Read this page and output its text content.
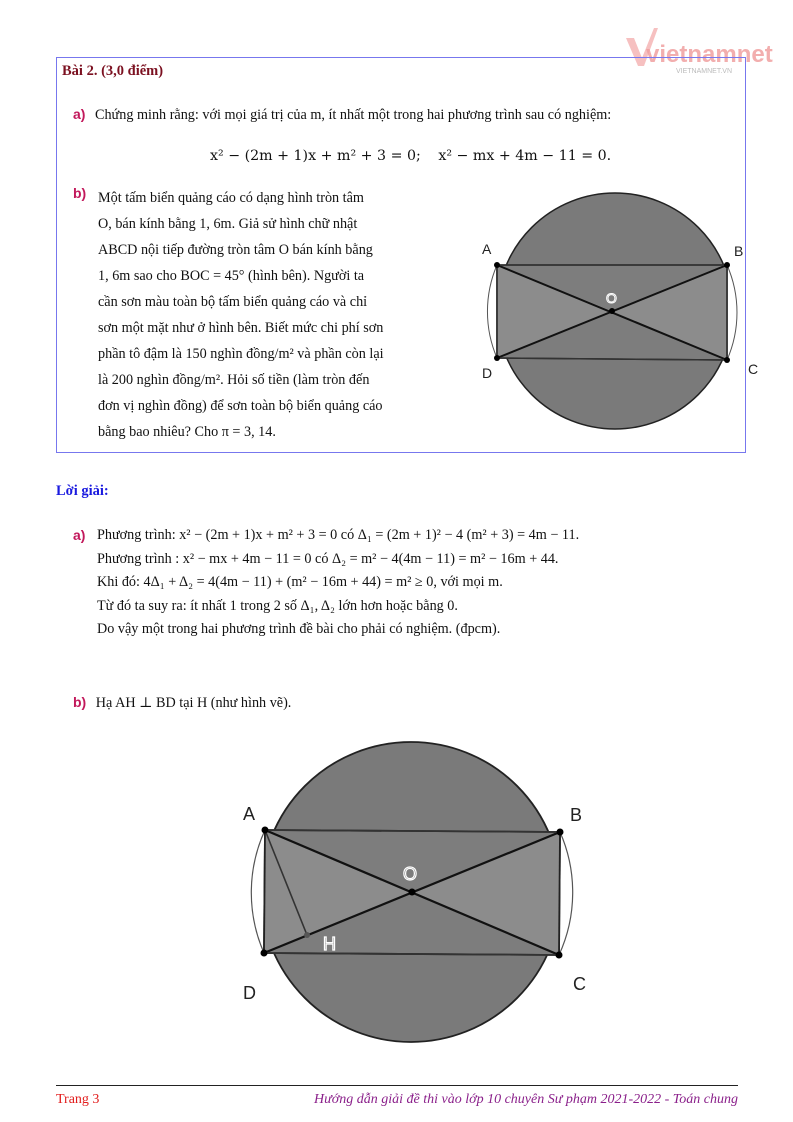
vietnamnet
VIETNAMNET.VN
Bài 2. (3,0 điểm)
a) Chứng minh rằng: với mọi giá trị của m, ít nhất một trong hai phương trình sau có nghiệm:
x² − (2m + 1)x + m² + 3 = 0; x² − mx + 4m − 11 = 0.
b) Một tấm biển quảng cáo có dạng hình tròn tâm
O, bán kính bằng 1, 6m. Giả sử hình chữ nhật
ABCD nội tiếp đường tròn tâm O bán kính bằng
1, 6m sao cho BOC = 45° (hình bên). Người ta
cần sơn màu toàn bộ tấm biển quảng cáo và chỉ
sơn một mặt như ở hình bên. Biết mức chi phí sơn
phần tô đậm là 150 nghìn đồng/m² và phần còn lại
là 200 nghìn đồng/m². Hỏi số tiền (làm tròn đến
đơn vị nghìn đồng) để sơn toàn bộ biển quảng cáo
bằng bao nhiêu? Cho π = 3, 14.
A	B
C
D
O
Lời giải:
a) Phương trình: x² − (2m + 1)x + m² + 3 = 0 có Δ₁ = (2m + 1)² − 4 (m² + 3) = 4m − 11.
Phương trình : x² − mx + 4m − 11 = 0 có Δ₂ = m² − 4(4m − 11) = m² − 16m + 44.
Khi đó: 4Δ₁ + Δ₂ = 4(4m − 11) + (m² − 16m + 44) = m² ≥ 0, với mọi m.
Từ đó ta suy ra: ít nhất 1 trong 2 số Δ₁, Δ₂ lớn hơn hoặc bằng 0.
Do vậy một trong hai phương trình đề bài cho phải có nghiệm. (đpcm).
b) Hạ AH ⊥ BD tại H (như hình vẽ).
A	B
C
D
O
H
Trang 3	Hướng dẫn giải đề thi vào lớp 10 chuyên Sư phạm 2021-2022 - Toán chung
